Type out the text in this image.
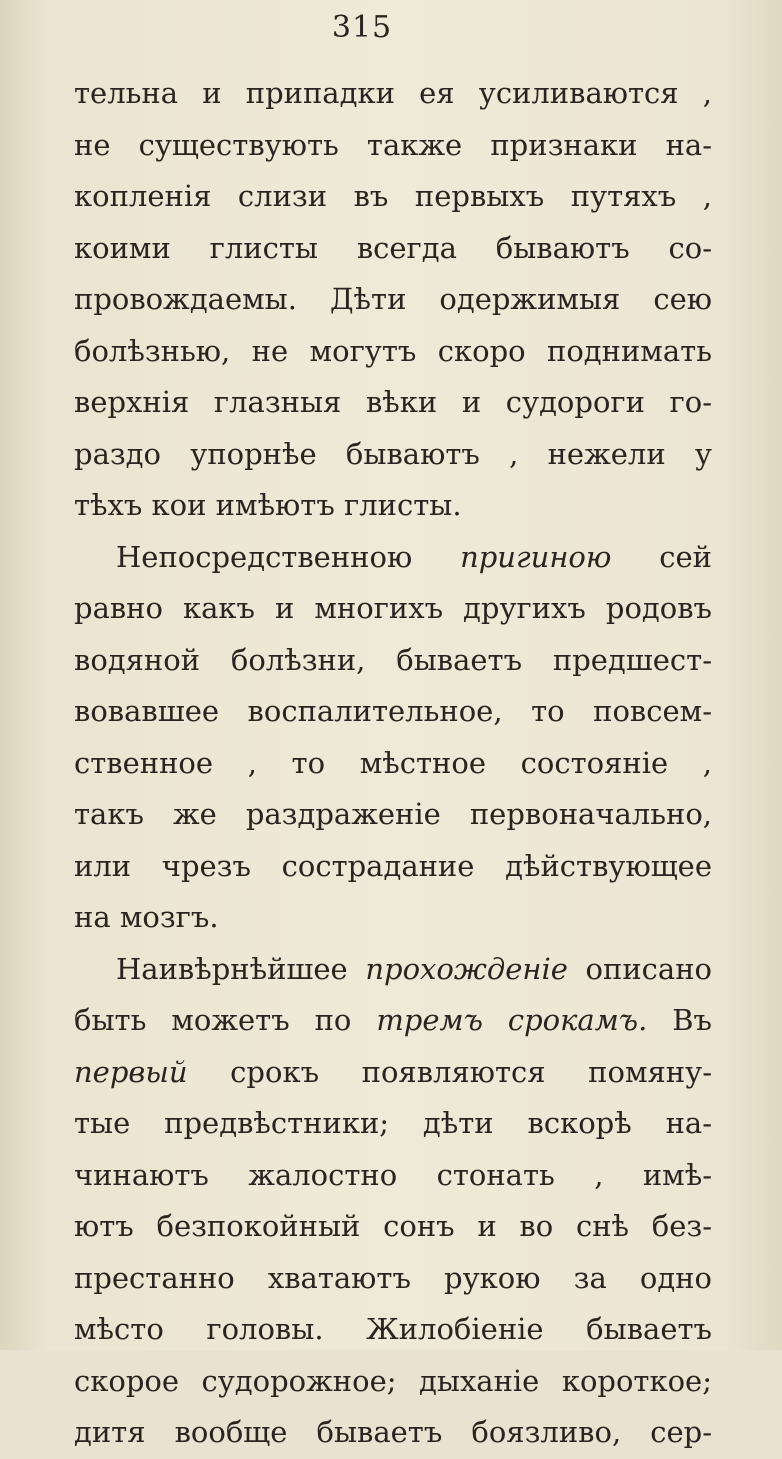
315
тельна и припадки ея усиливаются ,
не существують также признаки на-
копленія слизи въ первыхъ путяхъ ,
коими глисты всегда бываютъ со-
провождаемы. Дѣти одержимыя сею
болѣзнью, не могутъ скоро поднимать
верхнія глазныя вѣки и судороги го-
раздо упорнѣе бываютъ , нежели у
тѣхъ кои имѣютъ глисты.
Непосредственною пригиною сей
равно какъ и многихъ другихъ родовъ
водяной болѣзни, бываетъ предшест-
вовавшее воспалительное, то повсем-
ственное , то мѣстное состояніе ,
такъ же раздраженіе первоначально,
или чрезъ сострадание дѣйствующее
на мозгъ.
Наивѣрнѣйшее прохожденіе описано
быть можетъ по тремъ срокамъ. Въ
первый срокъ появляются помяну-
тые предвѣстники; дѣти вскорѣ на-
чинаютъ жалостно стонать , имѣ-
ютъ безпокойный сонъ и во снѣ без-
престанно хватаютъ рукою за одно
мѣсто головы. Жилобіеніе бываетъ
скорое судорожное; дыханіе короткое;
дитя вообще бываетъ боязливо, сер-
